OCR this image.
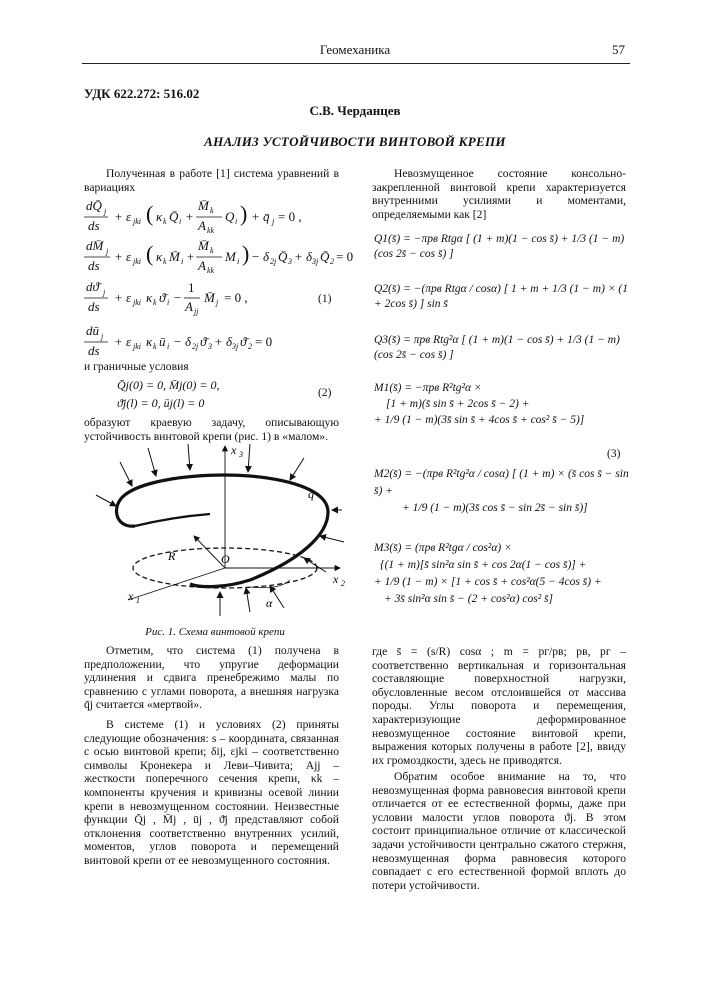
Геомеханика	57
УДК 622.272: 516.02
С.В. Черданцев
АНАЛИЗ УСТОЙЧИВОСТИ ВИНТОВОЙ КРЕПИ

Полученная в работе [1] система уравнений в вариациях

dQ̄ j
ds
+ ε jki ( κ k Q̄ i +
M̄ k
A kk
Q i ) + q̄ j = 0 ,
dM̄ j
ds
+ ε jki ( κ k M̄ i +
M̄ k
A kk
M i ) − δ 2j Q̄ 3 + δ 3j Q̄ 2 = 0
dϑ̄ j
ds
+ ε jki κ k ϑ̄ i −
1
A jj
M̄ j = 0 ,
dū j
ds
+ ε jki κ k ū i − δ 2j ϑ̄ 3 + δ 3j ϑ̄ 2 = 0
(1)

и граничные условия

Q̄j(0) = 0, M̄j(0) = 0,
ϑ̄j(l) = 0, ūj(l) = 0
(2)

образуют краевую задачу, описывающую устойчивость винтовой крепи (рис. 1) в «малом».

x 3
q
R	O
x 2
x 1	α
Рис. 1. Схема винтовой крепи

Отметим, что система (1) получена в предположении, что упругие деформации удлинения и сдвига пренебрежимо малы по сравнению с углами поворота, а внешняя нагрузка q̄j считается «мертвой».

В системе (1) и условиях (2) приняты следующие обозначения: s – координата, связанная с осью винтовой крепи; δij, εjki – соответственно символы Кронекера и Леви–Чивита; Ajj – жесткости поперечного сечения крепи, κk – компоненты кручения и кривизны осевой линии крепи в невозмущенном состоянии. Неизвестные функции Q̄j , M̄j , ūj , ϑ̄j представляют собой отклонения соответственно внутренних усилий, моментов, углов поворота и перемещений винтовой крепи от ее невозмущенного состояния.

Невозмущенное состояние консольно-закрепленной винтовой крепи характеризуется внутренними усилиями и моментами, определяемыми как [2]

Q1(s̄) = −πpв Rtgα [ (1 + m)(1 − cos s̄) + 1/3 (1 − m)(cos 2s̄ − cos s̄) ]
Q2(s̄) = −(πpв Rtgα / cosα) [ 1 + m + 1/3 (1 − m) × (1 + 2cos s̄) ] sin s̄
Q3(s̄) = πpв Rtg²α [ (1 + m)(1 − cos s̄) + 1/3 (1 − m)(cos 2s̄ − cos s̄) ]
M1(s̄) = −πpв R²tg²α ×
[1 + m)(s̄ sin s̄ + 2cos s̄ − 2) +
+ 1/9 (1 − m)(3s̄ sin s̄ + 4cos s̄ + cos² s̄ − 5)]
(3)
M2(s̄) = −(πpв R²tg²α / cosα) [ (1 + m) × (s̄ cos s̄ − sin s̄) +
+ 1/9 (1 − m)(3s̄ cos s̄ − sin 2s̄ − sin s̄)]
M3(s̄) = (πpв R²tgα / cos²α) ×
{(1 + m)[s̄ sin²α sin s̄ + cos 2α(1 − cos s̄)] +
+ 1/9 (1 − m) × [1 + cos s̄ + cos²α(5 − 4cos s̄) +
+ 3s̄ sin²α sin s̄ − (2 + cos²α) cos² s̄]

где s̄ = (s/R) cosα ; m = pг/pв; pв, pг – соответственно вертикальная и горизонтальная составляющие поверхностной нагрузки, обусловленные весом отслоившейся от массива породы. Углы поворота и перемещения, характеризующие деформированное невозмущенное состояние винтовой крепи, выражения которых получены в работе [2], ввиду их громоздкости, здесь не приводятся.

Обратим особое внимание на то, что невозмущенная форма равновесия винтовой крепи отличается от ее естественной формы, даже при условии малости углов поворота ϑj. В этом состоит принципиальное отличие от классической задачи устойчивости центрально сжатого стержня, невозмущенная форма равновесия которого совпадает с его естественной формой вплоть до потери устойчивости.
